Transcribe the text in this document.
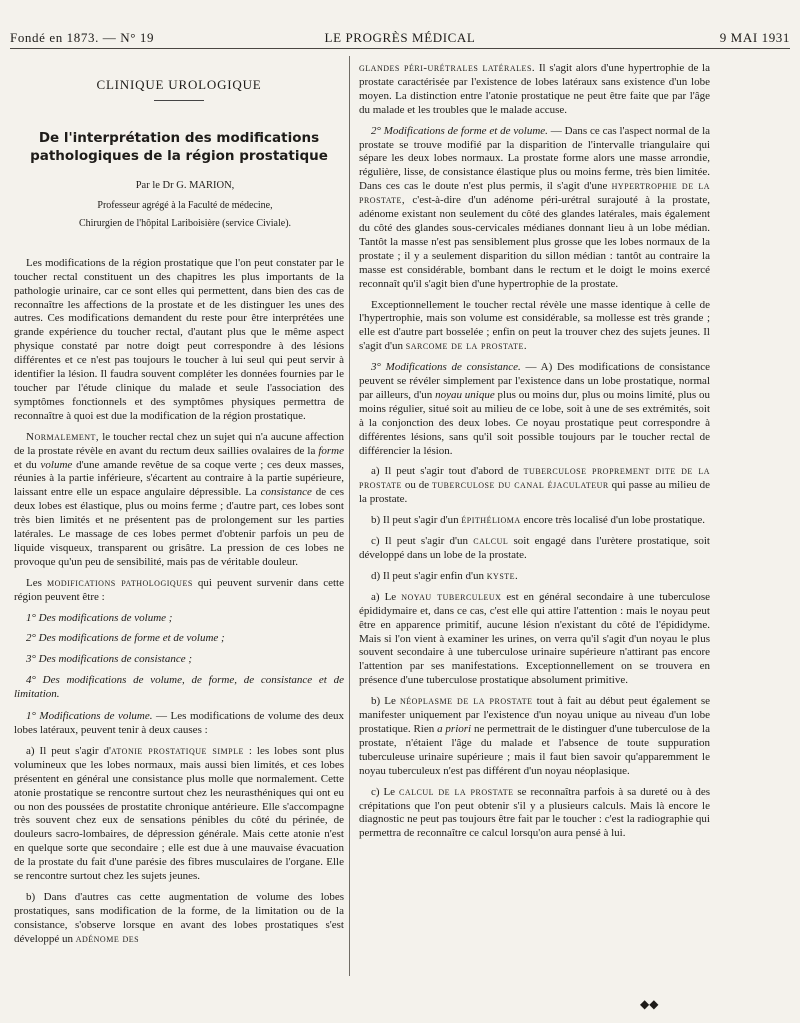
Fondé en 1873. — N° 19	LE PROGRÈS MÉDICAL	9 MAI 1931
CLINIQUE UROLOGIQUE
De l'interprétation des modifications
pathologiques de la région prostatique

Par le Dr G. MARION,

Professeur agrégé à la Faculté de médecine,

Chirurgien de l'hôpital Lariboisière (service Civiale).

Les modifications de la région prostatique que l'on peut constater par le toucher rectal constituent un des chapitres les plus importants de la pathologie urinaire, car ce sont elles qui permettent, dans bien des cas de reconnaître les affections de la prostate et de les distinguer les unes des autres. Ces modifications demandent du reste pour être interprétées une grande expérience du toucher rectal, d'autant plus que le même aspect physique constaté par notre doigt peut correspondre à des lésions différentes et ce n'est pas toujours le toucher à lui seul qui peut servir à identifier la lésion. Il faudra souvent compléter les données fournies par le toucher par l'étude clinique du malade et seule l'association des symptômes fonctionnels et des symptômes physiques permettra de reconnaître à quoi est due la modification de la région prostatique.

Normalement, le toucher rectal chez un sujet qui n'a aucune affection de la prostate révèle en avant du rectum deux saillies ovalaires de la forme et du volume d'une amande revêtue de sa coque verte ; ces deux masses, réunies à la partie inférieure, s'écartent au contraire à la partie supérieure, laissant entre elle un espace angulaire dépressible. La consistance de ces deux lobes est élastique, plus ou moins ferme ; d'autre part, ces lobes sont très bien limités et ne présentent pas de prolongement sur les parties latérales. Le massage de ces lobes permet d'obtenir parfois un peu de liquide visqueux, transparent ou grisâtre. La pression de ces lobes ne provoque qu'un peu de sensibilité, mais pas de véritable douleur.

Les modifications pathologiques qui peuvent survenir dans cette région peuvent être :

1° Des modifications de volume ;

2° Des modifications de forme et de volume ;

3° Des modifications de consistance ;

4° Des modifications de volume, de forme, de consistance et de limitation.

1° Modifications de volume. — Les modifications de volume des deux lobes latéraux, peuvent tenir à deux causes :

a) Il peut s'agir d'atonie prostatique simple : les lobes sont plus volumineux que les lobes normaux, mais aussi bien limités, et ces lobes présentent en général une consistance plus molle que normalement. Cette atonie prostatique se rencontre surtout chez les neurasthéniques qui ont eu ou non des poussées de prostatite chronique antérieure. Elle s'accompagne très souvent chez eux de sensations pénibles du côté du périnée, de douleurs sacro-lombaires, de dépression générale. Mais cette atonie n'est en quelque sorte que secondaire ; elle est due à une mauvaise évacuation de la prostate du fait d'une parésie des fibres musculaires de l'organe. Elle se rencontre surtout chez les sujets jeunes.

b) Dans d'autres cas cette augmentation de volume des lobes prostatiques, sans modification de la forme, de la limitation ou de la consistance, s'observe lorsque en avant des lobes prostatiques s'est développé un adénome des

glandes péri-urétrales latérales. Il s'agit alors d'une hypertrophie de la prostate caractérisée par l'existence de lobes latéraux sans existence d'un lobe moyen. La distinction entre l'atonie prostatique ne peut être faite que par l'âge du malade et les troubles que le malade accuse.

2° Modifications de forme et de volume. — Dans ce cas l'aspect normal de la prostate se trouve modifié par la disparition de l'intervalle triangulaire qui sépare les deux lobes normaux. La prostate forme alors une masse arrondie, régulière, lisse, de consistance élastique plus ou moins ferme, très bien limitée. Dans ces cas le doute n'est plus permis, il s'agit d'une hypertrophie de la prostate, c'est-à-dire d'un adénome péri-urétral surajouté à la prostate, adénome existant non seulement du côté des glandes latérales, mais également du côté des glandes sous-cervicales médianes donnant lieu à un lobe médian. Tantôt la masse n'est pas sensiblement plus grosse que les lobes normaux de la prostate ; il y a seulement disparition du sillon médian : tantôt au contraire la masse est considérable, bombant dans le rectum et le doigt le moins exercé reconnaît qu'il s'agit bien d'une hypertrophie de la prostate.

Exceptionnellement le toucher rectal révèle une masse identique à celle de l'hypertrophie, mais son volume est considérable, sa mollesse est très grande ; elle est d'autre part bosselée ; enfin on peut la trouver chez des sujets jeunes. Il s'agit d'un sarcome de la prostate.

3° Modifications de consistance. — A) Des modifications de consistance peuvent se révéler simplement par l'existence dans un lobe prostatique, normal par ailleurs, d'un noyau unique plus ou moins dur, plus ou moins limité, plus ou moins régulier, situé soit au milieu de ce lobe, soit à une de ses extrémités, soit à la conjonction des deux lobes. Ce noyau prostatique peut correspondre à différentes lésions, sans qu'il soit possible toujours par le toucher rectal de différencier la lésion.

a) Il peut s'agir tout d'abord de tuberculose proprement dite de la prostate ou de tuberculose du canal éjaculateur qui passe au milieu de la prostate.

b) Il peut s'agir d'un épithélioma encore très localisé d'un lobe prostatique.

c) Il peut s'agir d'un calcul soit engagé dans l'urètere prostatique, soit développé dans un lobe de la prostate.

d) Il peut s'agir enfin d'un kyste.

a) Le noyau tuberculeux est en général secondaire à une tuberculose épididymaire et, dans ce cas, c'est elle qui attire l'attention : mais le noyau peut être en apparence primitif, aucune lésion n'existant du côté de l'épididyme. Mais si l'on vient à examiner les urines, on verra qu'il s'agit d'un noyau le plus souvent secondaire à une tuberculose urinaire supérieure n'attirant pas encore l'attention par ses manifestations. Exceptionnellement on se trouvera en présence d'une tuberculose prostatique absolument primitive.

b) Le néoplasme de la prostate tout à fait au début peut également se manifester uniquement par l'existence d'un noyau unique au niveau d'un lobe prostatique. Rien a priori ne permettrait de le distinguer d'une tuberculose de la prostate, n'étaient l'âge du malade et l'absence de toute suppuration tuberculeuse urinaire supérieure ; mais il faut bien savoir qu'apparemment le noyau tuberculeux n'est pas différent d'un noyau néoplasique.

c) Le calcul de la prostate se reconnaîtra parfois à sa dureté ou à des crépitations que l'on peut obtenir s'il y a plusieurs calculs. Mais là encore le diagnostic ne peut pas toujours être fait par le toucher : c'est la radiographie qui permettra de reconnaître ce calcul lorsqu'on aura pensé à lui.

◆◆
